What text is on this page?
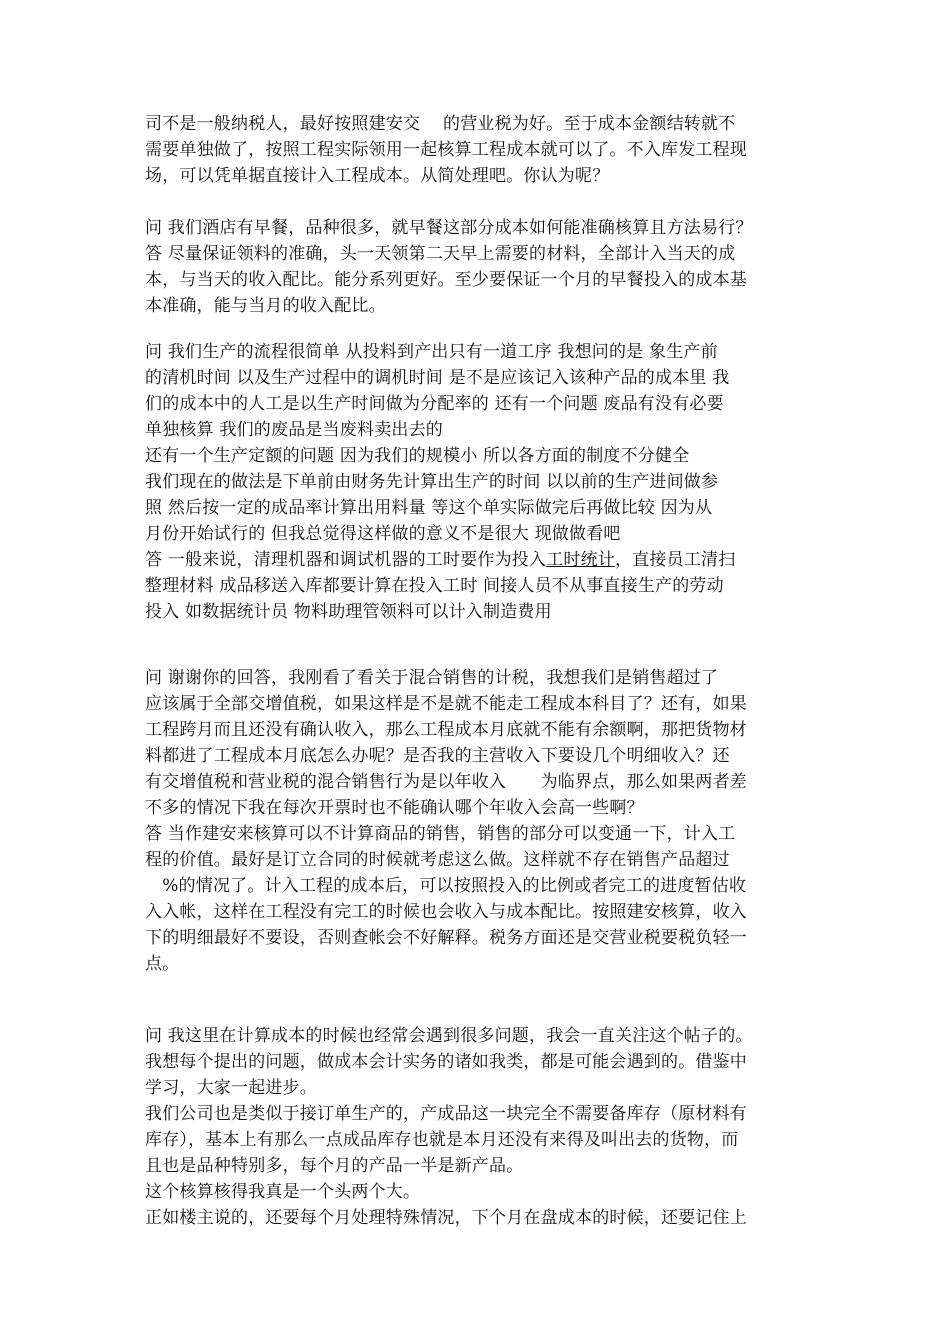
司不是一般纳税人，最好按照建安交　 的营业税为好。至于成本金额结转就不
需要单独做了，按照工程实际领用一起核算工程成本就可以了。不入库发工程现
场，可以凭单据直接计入工程成本。从简处理吧。你认为呢？
问 我们酒店有早餐，品种很多，就早餐这部分成本如何能准确核算且方法易行？
答 尽量保证领料的准确，头一天领第二天早上需要的材料，全部计入当天的成
本，与当天的收入配比。能分系列更好。至少要保证一个月的早餐投入的成本基
本准确，能与当月的收入配比。
问 我们生产的流程很简单 从投料到产出只有一道工序 我想问的是 象生产前
的清机时间 以及生产过程中的调机时间 是不是应该记入该种产品的成本里 我
们的成本中的人工是以生产时间做为分配率的 还有一个问题 废品有没有必要
单独核算 我们的废品是当废料卖出去的
还有一个生产定额的问题 因为我们的规模小 所以各方面的制度不分健全
我们现在的做法是下单前由财务先计算出生产的时间 以以前的生产进间做参
照 然后按一定的成品率计算出用料量 等这个单实际做完后再做比较 因为从
月份开始试行的 但我总觉得这样做的意义不是很大 现做做看吧
答 一般来说，清理机器和调试机器的工时要作为投入工时统计，直接员工清扫
整理材料 成品移送入库都要计算在投入工时 间接人员不从事直接生产的劳动
投入 如数据统计员 物料助理管领料可以计入制造费用
问 谢谢你的回答，我刚看了看关于混合销售的计税，我想我们是销售超过了
应该属于全部交增值税，如果这样是不是就不能走工程成本科目了？还有，如果
工程跨月而且还没有确认收入，那么工程成本月底就不能有余额啊，那把货物材
料都进了工程成本月底怎么办呢？是否我的主营收入下要设几个明细收入？还
有交增值税和营业税的混合销售行为是以年收入　　为临界点，那么如果两者差
不多的情况下我在每次开票时也不能确认哪个年收入会高一些啊？
答 当作建安来核算可以不计算商品的销售，销售的部分可以变通一下，计入工
程的价值。最好是订立合同的时候就考虑这么做。这样就不存在销售产品超过
　%的情况了。计入工程的成本后，可以按照投入的比例或者完工的进度暂估收
入入帐，这样在工程没有完工的时候也会收入与成本配比。按照建安核算，收入
下的明细最好不要设，否则查帐会不好解释。税务方面还是交营业税要税负轻一
点。
问 我这里在计算成本的时候也经常会遇到很多问题，我会一直关注这个帖子的。
我想每个提出的问题，做成本会计实务的诸如我类，都是可能会遇到的。借鉴中
学习，大家一起进步。
我们公司也是类似于接订单生产的，产成品这一块完全不需要备库存（原材料有
库存），基本上有那么一点成品库存也就是本月还没有来得及叫出去的货物，而
且也是品种特别多，每个月的产品一半是新产品。
这个核算核得我真是一个头两个大。
正如楼主说的，还要每个月处理特殊情况，下个月在盘成本的时候，还要记住上
